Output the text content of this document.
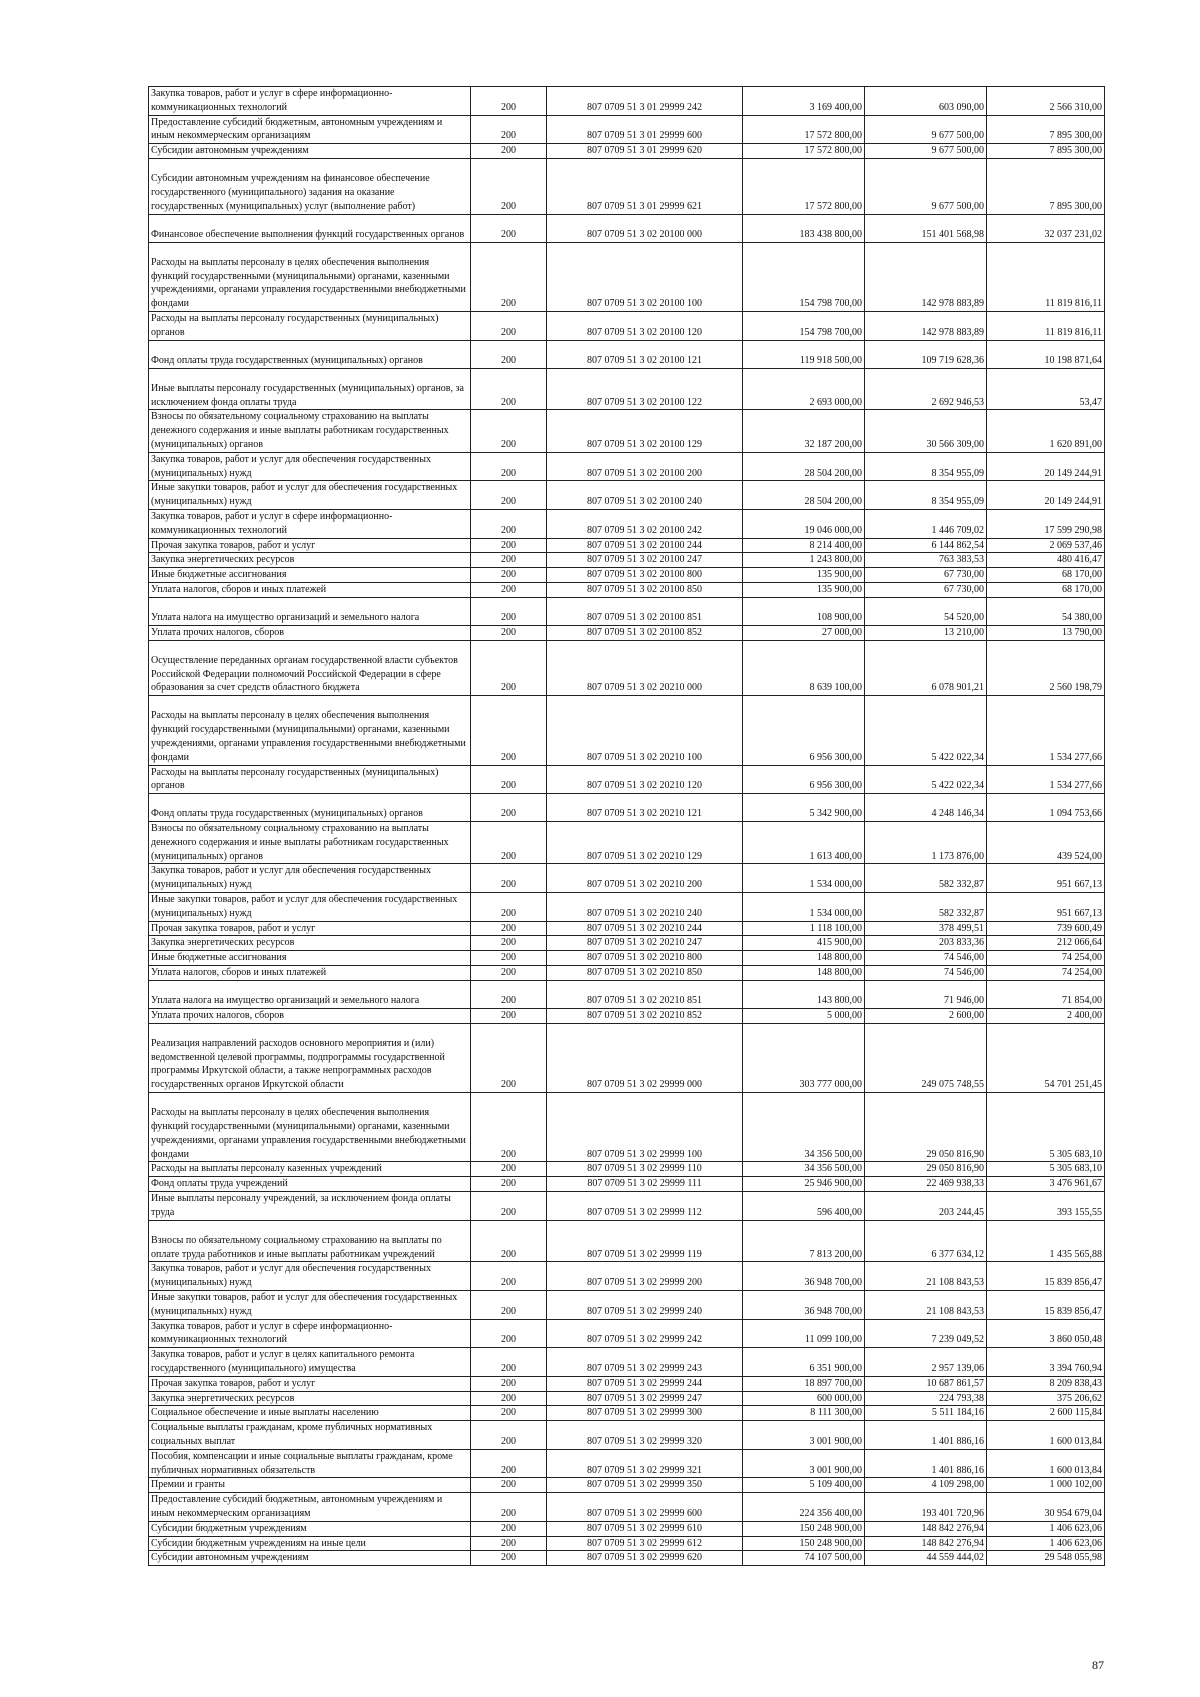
Закупка товаров, работ и услуг в сфере информационно-коммуникационных технологий	200	807 0709 51 3 01 29999 242	3 169 400,00	603 090,00	2 566 310,00
Предоставление субсидий бюджетным, автономным учреждениям и иным некоммерческим организациям	200	807 0709 51 3 01 29999 600	17 572 800,00	9 677 500,00	7 895 300,00
Субсидии автономным учреждениям	200	807 0709 51 3 01 29999 620	17 572 800,00	9 677 500,00	7 895 300,00
Субсидии автономным учреждениям на финансовое обеспечение государственного (муниципального) задания на оказание государственных (муниципальных) услуг (выполнение работ)	200	807 0709 51 3 01 29999 621	17 572 800,00	9 677 500,00	7 895 300,00
Финансовое обеспечение выполнения функций государственных органов	200	807 0709 51 3 02 20100 000	183 438 800,00	151 401 568,98	32 037 231,02
Расходы на выплаты персоналу в целях обеспечения выполнения функций государственными (муниципальными) органами, казенными учреждениями, органами управления государственными внебюджетными фондами	200	807 0709 51 3 02 20100 100	154 798 700,00	142 978 883,89	11 819 816,11
Расходы на выплаты персоналу государственных (муниципальных) органов	200	807 0709 51 3 02 20100 120	154 798 700,00	142 978 883,89	11 819 816,11
Фонд оплаты труда государственных (муниципальных) органов	200	807 0709 51 3 02 20100 121	119 918 500,00	109 719 628,36	10 198 871,64
Иные выплаты персоналу государственных (муниципальных) органов, за исключением фонда оплаты труда	200	807 0709 51 3 02 20100 122	2 693 000,00	2 692 946,53	53,47
Взносы по обязательному социальному страхованию на выплаты денежного содержания и иные выплаты работникам государственных (муниципальных) органов	200	807 0709 51 3 02 20100 129	32 187 200,00	30 566 309,00	1 620 891,00
Закупка товаров, работ и услуг для обеспечения государственных (муниципальных) нужд	200	807 0709 51 3 02 20100 200	28 504 200,00	8 354 955,09	20 149 244,91
Иные закупки товаров, работ и услуг для обеспечения государственных (муниципальных) нужд	200	807 0709 51 3 02 20100 240	28 504 200,00	8 354 955,09	20 149 244,91
Закупка товаров, работ и услуг в сфере информационно-коммуникационных технологий	200	807 0709 51 3 02 20100 242	19 046 000,00	1 446 709,02	17 599 290,98
Прочая закупка товаров, работ и услуг	200	807 0709 51 3 02 20100 244	8 214 400,00	6 144 862,54	2 069 537,46
Закупка энергетических ресурсов	200	807 0709 51 3 02 20100 247	1 243 800,00	763 383,53	480 416,47
Иные бюджетные ассигнования	200	807 0709 51 3 02 20100 800	135 900,00	67 730,00	68 170,00
Уплата налогов, сборов и иных платежей	200	807 0709 51 3 02 20100 850	135 900,00	67 730,00	68 170,00
Уплата налога на имущество организаций и земельного налога	200	807 0709 51 3 02 20100 851	108 900,00	54 520,00	54 380,00
Уплата прочих налогов, сборов	200	807 0709 51 3 02 20100 852	27 000,00	13 210,00	13 790,00
Осуществление переданных органам государственной власти субъектов Российской Федерации полномочий Российской Федерации в сфере образования за счет средств областного бюджета	200	807 0709 51 3 02 20210 000	8 639 100,00	6 078 901,21	2 560 198,79
Расходы на выплаты персоналу в целях обеспечения выполнения функций государственными (муниципальными) органами, казенными учреждениями, органами управления государственными внебюджетными фондами	200	807 0709 51 3 02 20210 100	6 956 300,00	5 422 022,34	1 534 277,66
Расходы на выплаты персоналу государственных (муниципальных) органов	200	807 0709 51 3 02 20210 120	6 956 300,00	5 422 022,34	1 534 277,66
Фонд оплаты труда государственных (муниципальных) органов	200	807 0709 51 3 02 20210 121	5 342 900,00	4 248 146,34	1 094 753,66
Взносы по обязательному социальному страхованию на выплаты денежного содержания и иные выплаты работникам государственных (муниципальных) органов	200	807 0709 51 3 02 20210 129	1 613 400,00	1 173 876,00	439 524,00
Закупка товаров, работ и услуг для обеспечения государственных (муниципальных) нужд	200	807 0709 51 3 02 20210 200	1 534 000,00	582 332,87	951 667,13
Иные закупки товаров, работ и услуг для обеспечения государственных (муниципальных) нужд	200	807 0709 51 3 02 20210 240	1 534 000,00	582 332,87	951 667,13
Прочая закупка товаров, работ и услуг	200	807 0709 51 3 02 20210 244	1 118 100,00	378 499,51	739 600,49
Закупка энергетических ресурсов	200	807 0709 51 3 02 20210 247	415 900,00	203 833,36	212 066,64
Иные бюджетные ассигнования	200	807 0709 51 3 02 20210 800	148 800,00	74 546,00	74 254,00
Уплата налогов, сборов и иных платежей	200	807 0709 51 3 02 20210 850	148 800,00	74 546,00	74 254,00
Уплата налога на имущество организаций и земельного налога	200	807 0709 51 3 02 20210 851	143 800,00	71 946,00	71 854,00
Уплата прочих налогов, сборов	200	807 0709 51 3 02 20210 852	5 000,00	2 600,00	2 400,00
Реализация направлений расходов основного мероприятия и (или) ведомственной целевой программы, подпрограммы государственной программы Иркутской области, а также непрограммных расходов государственных органов Иркутской области	200	807 0709 51 3 02 29999 000	303 777 000,00	249 075 748,55	54 701 251,45
Расходы на выплаты персоналу в целях обеспечения выполнения функций государственными (муниципальными) органами, казенными учреждениями, органами управления государственными внебюджетными фондами	200	807 0709 51 3 02 29999 100	34 356 500,00	29 050 816,90	5 305 683,10
Расходы на выплаты персоналу казенных учреждений	200	807 0709 51 3 02 29999 110	34 356 500,00	29 050 816,90	5 305 683,10
Фонд оплаты труда учреждений	200	807 0709 51 3 02 29999 111	25 946 900,00	22 469 938,33	3 476 961,67
Иные выплаты персоналу учреждений, за исключением фонда оплаты труда	200	807 0709 51 3 02 29999 112	596 400,00	203 244,45	393 155,55
Взносы по обязательному социальному страхованию на выплаты по оплате труда работников и иные выплаты работникам учреждений	200	807 0709 51 3 02 29999 119	7 813 200,00	6 377 634,12	1 435 565,88
Закупка товаров, работ и услуг для обеспечения государственных (муниципальных) нужд	200	807 0709 51 3 02 29999 200	36 948 700,00	21 108 843,53	15 839 856,47
Иные закупки товаров, работ и услуг для обеспечения государственных (муниципальных) нужд	200	807 0709 51 3 02 29999 240	36 948 700,00	21 108 843,53	15 839 856,47
Закупка товаров, работ и услуг в сфере информационно-коммуникационных технологий	200	807 0709 51 3 02 29999 242	11 099 100,00	7 239 049,52	3 860 050,48
Закупка товаров, работ и услуг в целях капитального ремонта государственного (муниципального) имущества	200	807 0709 51 3 02 29999 243	6 351 900,00	2 957 139,06	3 394 760,94
Прочая закупка товаров, работ и услуг	200	807 0709 51 3 02 29999 244	18 897 700,00	10 687 861,57	8 209 838,43
Закупка энергетических ресурсов	200	807 0709 51 3 02 29999 247	600 000,00	224 793,38	375 206,62
Социальное обеспечение и иные выплаты населению	200	807 0709 51 3 02 29999 300	8 111 300,00	5 511 184,16	2 600 115,84
Социальные выплаты гражданам, кроме публичных нормативных социальных выплат	200	807 0709 51 3 02 29999 320	3 001 900,00	1 401 886,16	1 600 013,84
Пособия, компенсации и иные социальные выплаты гражданам, кроме публичных нормативных обязательств	200	807 0709 51 3 02 29999 321	3 001 900,00	1 401 886,16	1 600 013,84
Премии и гранты	200	807 0709 51 3 02 29999 350	5 109 400,00	4 109 298,00	1 000 102,00
Предоставление субсидий бюджетным, автономным учреждениям и иным некоммерческим организациям	200	807 0709 51 3 02 29999 600	224 356 400,00	193 401 720,96	30 954 679,04
Субсидии бюджетным учреждениям	200	807 0709 51 3 02 29999 610	150 248 900,00	148 842 276,94	1 406 623,06
Субсидии бюджетным учреждениям на иные цели	200	807 0709 51 3 02 29999 612	150 248 900,00	148 842 276,94	1 406 623,06
Субсидии автономным учреждениям	200	807 0709 51 3 02 29999 620	74 107 500,00	44 559 444,02	29 548 055,98
87
